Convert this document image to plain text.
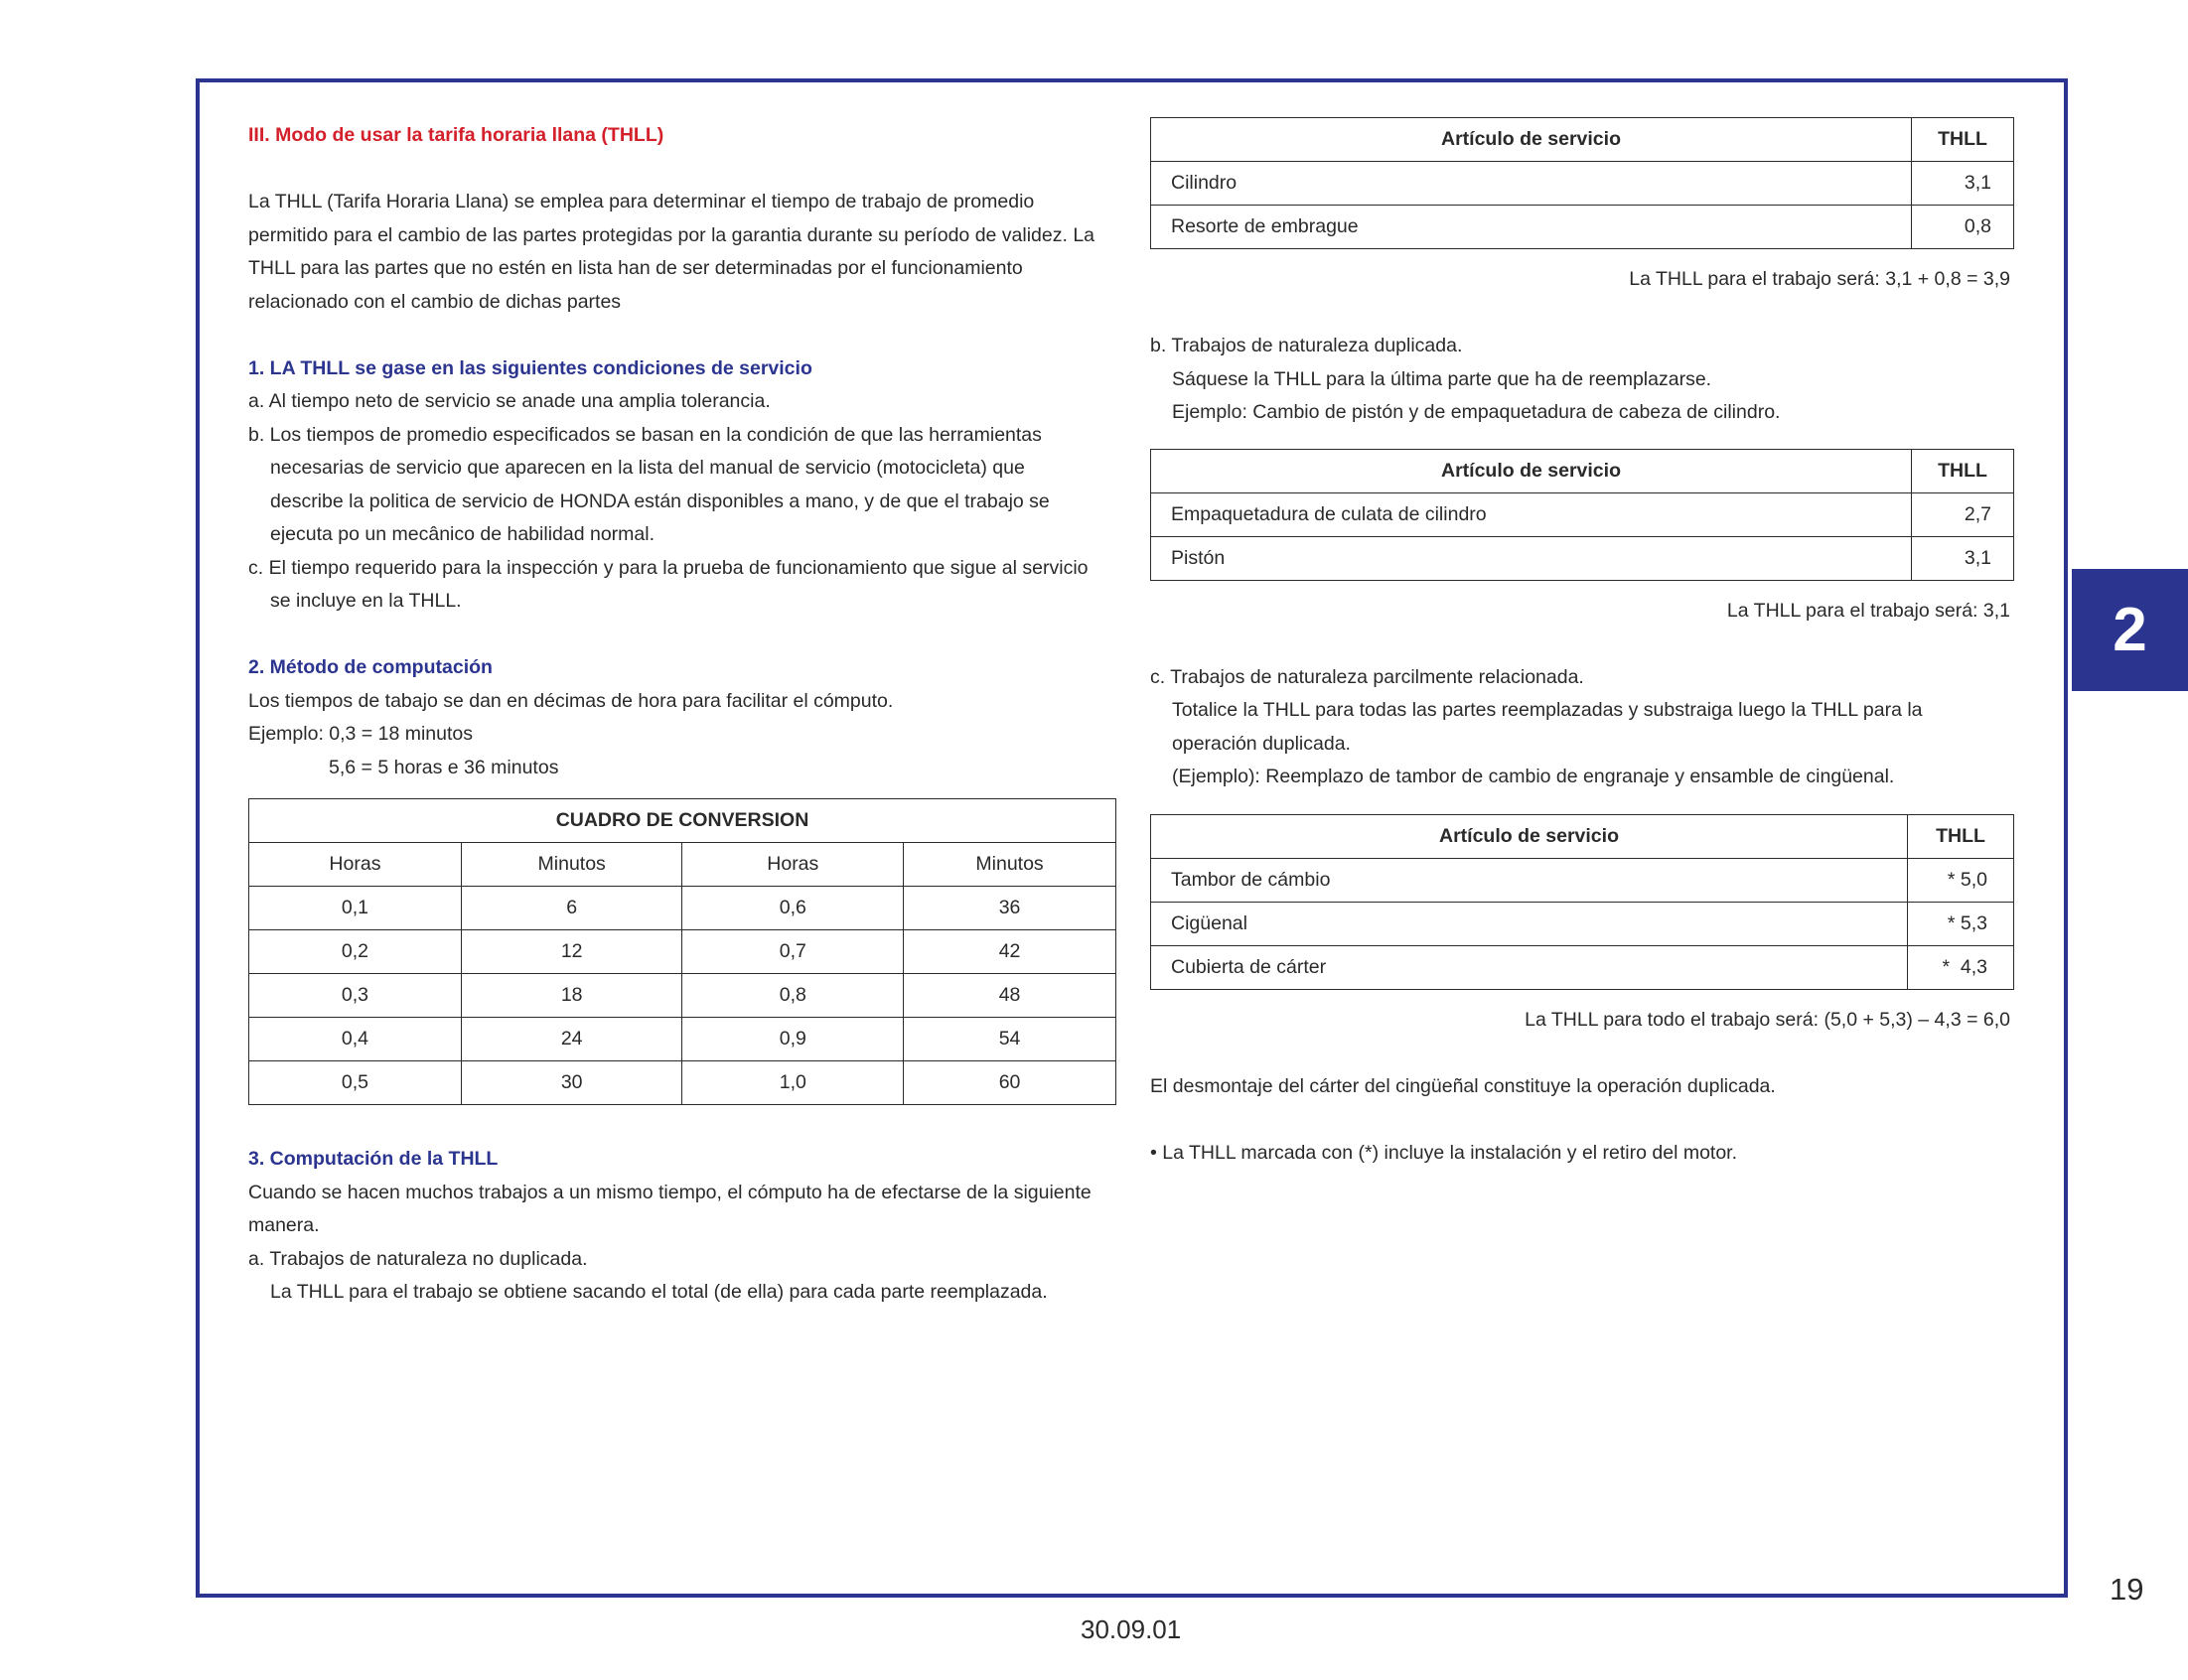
III. Modo de usar la tarifa horaria llana (THLL)
La THLL (Tarifa Horaria Llana) se emplea para determinar el tiempo de trabajo de promedio
permitido para el cambio de las partes protegidas por la garantia durante su período de validez. La
THLL para las partes que no estén en lista han de ser determinadas por el funcionamiento
relacionado con el cambio de dichas partes
1. LA THLL se gase en las siguientes condiciones de servicio
a. Al tiempo neto de servicio se anade una amplia tolerancia.
b. Los tiempos de promedio especificados se basan en la condición de que las herramientas
necesarias de servicio que aparecen en la lista del manual de servicio (motocicleta) que
describe la politica de servicio de HONDA están disponibles a mano, y de que el trabajo se
ejecuta po un mecânico de habilidad normal.
c. El tiempo requerido para la inspección y para la prueba de funcionamiento que sigue al servicio
se incluye en la THLL.
2. Método de computación
Los tiempos de tabajo se dan en décimas de hora para facilitar el cómputo.
Ejemplo: 0,3 = 18 minutos
5,6 = 5 horas e 36 minutos
CUADRO DE CONVERSION			
Horas	Minutos	Horas	Minutos
0,1	6	0,6	36
0,2	12	0,7	42
0,3	18	0,8	48
0,4	24	0,9	54
0,5	30	1,0	60
3. Computación de la THLL
Cuando se hacen muchos trabajos a un mismo tiempo, el cómputo ha de efectarse de la siguiente
manera.
a. Trabajos de naturaleza no duplicada.
La THLL para el trabajo se obtiene sacando el total (de ella) para cada parte reemplazada.
Artículo de servicio	THLL
Cilindro	3,1
Resorte de embrague	0,8
La THLL para el trabajo será: 3,1 + 0,8 = 3,9
b. Trabajos de naturaleza duplicada.
Sáquese la THLL para la última parte que ha de reemplazarse.
Ejemplo: Cambio de pistón y de empaquetadura de cabeza de cilindro.
Artículo de servicio	THLL
Empaquetadura de culata de cilindro	2,7
Pistón	3,1
La THLL para el trabajo será: 3,1
c. Trabajos de naturaleza parcilmente relacionada.
Totalice la THLL para todas las partes reemplazadas y substraiga luego la THLL para la
operación duplicada.
(Ejemplo): Reemplazo de tambor de cambio de engranaje y ensamble de cingüenal.
Artículo de servicio	THLL
Tambor de cámbio	* 5,0
Cigüenal	* 5,3
Cubierta de cárter	*  4,3
La THLL para todo el trabajo será: (5,0 + 5,3) – 4,3 = 6,0
El desmontaje del cárter del cingüeñal constituye la operación duplicada.
• La THLL marcada con (*) incluye la instalación y el retiro del motor.
2
19
30.09.01
